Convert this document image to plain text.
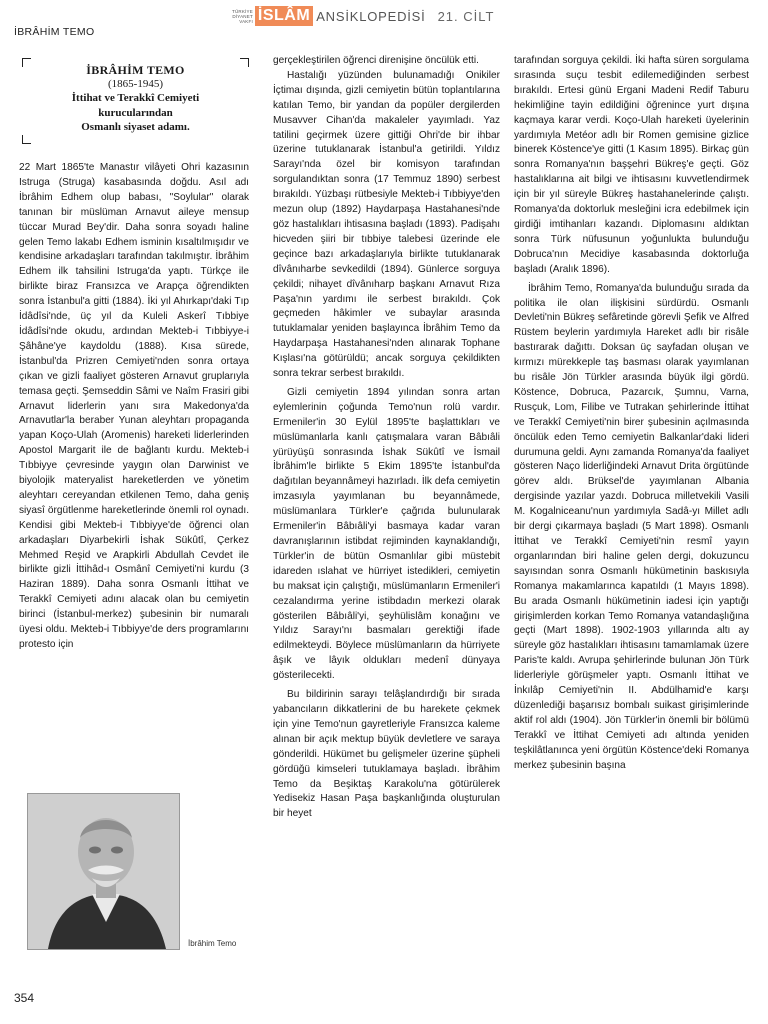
İBRÂHİM TEMO
TÜRKİYE
DİYANET
VAKFI İSLÂM ANSİKLOPEDİSİ 21. CİLT
İBRÂHİM TEMO
(1865-1945)
İttihat ve Terakkî Cemiyeti
kurucularından
Osmanlı siyaset adamı.

22 Mart 1865'te Manastır vilâyeti Ohri kazasının Istruga (Struga) kasabasında doğdu. Asıl adı İbrâhim Edhem olup babası, "Soylular" olarak tanınan bir müslüman Arnavut aileye mensup tüccar Murad Bey'dir. Daha sonra soyadı haline gelen Temo lakabı Edhem isminin kısaltılmışıdır ve kendisine arkadaşları tarafından takılmıştır. İbrâhim Edhem ilk tahsilini Istruga'da yaptı. Türkçe ile birlikte biraz Fransızca ve Arapça öğrendikten sonra İstanbul'a gitti (1884). İki yıl Ahırkapı'daki Tıp İdâdîsi'nde, üç yıl da Kuleli Askerî Tıbbiye İdâdîsi'nde okudu, ardından Mekteb-i Tıbbiyye-i Şâhâne'ye kaydoldu (1888). Kısa sürede, İstanbul'da Prizren Cemiyeti'nden sonra ortaya çıkan ve gizli faaliyet gösteren Arnavut gruplarıyla temasa geçti. Şemseddin Sâmi ve Naîm Frasiri gibi Arnavut liderlerin yanı sıra Makedonya'da Arnavutlar'la beraber Yunan aleyhtarı propaganda yapan Koço-Ulah (Aromenis) hareketi liderlerinden Apostol Margarit ile de bağlantı kurdu. Mekteb-i Tıbbiyye çevresinde yaygın olan Darwinist ve biyolojik materyalist hareketlerden ve yönetim aleyhtarı cereyandan etkilenen Temo, daha geniş siyasî örgütlenme hareketlerinde önemli rol oynadı. Kendisi gibi Mekteb-i Tıbbiyye'de öğrenci olan arkadaşları Diyarbekirli İshak Sükûtî, Çerkez Mehmed Reşid ve Arapkirli Abdullah Cevdet ile birlikte gizli İttihâd-ı Osmânî Cemiyeti'ni kurdu (3 Haziran 1889). Daha sonra Osmanlı İttihat ve Terakkî Cemiyeti adını alacak olan bu cemiyetin birinci (İstanbul-merkez) şubesinin bir numaralı üyesi oldu. Mekteb-i Tıbbiyye'de ders programlarını protesto için

gerçekleştirilen öğrenci direnişine öncülük etti.

Hastalığı yüzünden bulunamadığı Onikiler İçtimaı dışında, gizli cemiyetin bütün toplantılarına katılan Temo, bir yandan da popüler dergilerden Musavver Cihan'da makaleler yayımladı. Yaz tatilini geçirmek üzere gittiği Ohri'de bir ihbar üzerine tutuklanarak İstanbul'a getirildi. Yıldız Sarayı'nda özel bir komisyon tarafından sorgulandıktan sonra (17 Temmuz 1890) serbest bırakıldı. Yüzbaşı rütbesiyle Mekteb-i Tıbbiyye'den mezun olup (1892) Haydarpaşa Hastahanesi'nde göz hastalıkları ihtisasına başladı (1893). Padişahı hicveden şiiri bir tıbbiye talebesi üzerinde ele geçince bazı arkadaşlarıyla birlikte tutuklanarak dîvânıharbe sevkedildi (1894). Günlerce sorguya çekildi; nihayet dîvânıharp başkanı Arnavut Rıza Paşa'nın yardımı ile serbest bırakıldı. Çok geçmeden hâkimler ve subaylar arasında tutuklamalar yeniden başlayınca İbrâhim Temo da Haydarpaşa Hastahanesi'nden alınarak Tophane Kışlası'na götürüldü; ancak sorguya çekildikten sonra tekrar serbest bırakıldı.

Gizli cemiyetin 1894 yılından sonra artan eylemlerinin çoğunda Temo'nun rolü vardır. Ermeniler'in 30 Eylül 1895'te başlattıkları ve müslümanlarla kanlı çatışmalara varan Bâbıâli yürüyüşü sonrasında İshak Sükûtî ve İsmail İbrâhim'le birlikte 5 Ekim 1895'te İstanbul'da dağıtılan beyannâmeyi hazırladı. İlk defa cemiyetin imzasıyla yayımlanan bu beyannâmede, müslümanlara Türkler'e çağrıda bulunularak Ermeniler'in Bâbıâli'yi basmaya kadar varan davranışlarının istibdat rejiminden kaynaklandığı, Türkler'in de bütün Osmanlılar gibi müstebit idareden ıslahat ve hürriyet istedikleri, cemiyetin bu maksat için çalıştığı, müslümanların Ermeniler'i cezalandırma yerine istibdadın merkezi olarak gösterilen Bâbıâli'yi, şeyhülislâm konağını ve Yıldız Sarayı'nı basmaları gerektiği ifade edilmekteydi. Böylece müslümanların da hürriyete âşık ve lâyık oldukları medenî dünyaya gösterilecekti.

Bu bildirinin sarayı telâşlandırdığı bir sırada yabancıların dikkatlerini de bu harekete çekmek için yine Temo'nun gayretleriyle Fransızca kaleme alınan bir açık mektup büyük devletlere ve saraya gönderildi. Hükümet bu gelişmeler üzerine şüpheli gördüğü kimseleri tutuklamaya başladı. İbrâhim Temo da Beşiktaş Karakolu'na götürülerek Yedisekiz Hasan Paşa başkanlığında oluşturulan bir heyet

tarafından sorguya çekildi. İki hafta süren sorgulama sırasında suçu tesbit edilemediğinden serbest bırakıldı. Ertesi günü Ergani Madeni Redif Taburu hekimliğine tayin edildiğini öğrenince yurt dışına kaçmaya karar verdi. Koço-Ulah hareketi üyelerinin yardımıyla Metéor adlı bir Romen gemisine gizlice binerek Köstence'ye gitti (1 Kasım 1895). Birkaç gün sonra Romanya'nın başşehri Bükreş'e geçti. Göz hastalıklarına ait bilgi ve ihtisasını kuvvetlendirmek için bir yıl süreyle Bükreş hastahanelerinde çalıştı. Romanya'da doktorluk mesleğini icra edebilmek için girdiği imtihanları kazandı. Diplomasını aldıktan sonra Türk nüfusunun yoğunlukta bulunduğu Dobruca'nın Mecidiye kasabasında doktorluğa başladı (Aralık 1896).

İbrâhim Temo, Romanya'da bulunduğu sırada da politika ile olan ilişkisini sürdürdü. Osmanlı Devleti'nin Bükreş sefâretinde görevli Şefik ve Alfred Rüstem beylerin yardımıyla Hareket adlı bir risâle bastırarak dağıttı. Doksan üç sayfadan oluşan ve kırmızı mürekkeple taş basması olarak yayımlanan bu risâle Jön Türkler arasında büyük ilgi gördü. Köstence, Dobruca, Pazarcık, Şumnu, Varna, Rusçuk, Lom, Filibe ve Tutrakan şehirlerinde İttihat ve Terakkî Cemiyeti'nin birer şubesinin açılmasında öncülük eden Temo cemiyetin Balkanlar'daki lideri durumuna geldi. Aynı zamanda Romanya'da faaliyet gösteren Naço liderliğindeki Arnavut Drita örgütünde görev aldı. Brüksel'de yayımlanan Albania dergisinde yazılar yazdı. Dobruca milletvekili Vasili M. Kogalniceanu'nun yardımıyla Sadâ-yı Millet adlı bir dergi çıkarmaya başladı (5 Mart 1898). Osmanlı İttihat ve Terakkî Cemiyeti'nin resmî yayın organlarından biri haline gelen dergi, dokuzuncu sayısından sonra Osmanlı hükümetinin baskısıyla Romanya makamlarınca kapatıldı (1 Mayıs 1898). Bu arada Osmanlı hükümetinin iadesi için yaptığı girişimlerden korkan Temo Romanya vatandaşlığına geçti (Mart 1898). 1902-1903 yıllarında altı ay süreyle göz hastalıkları ihtisasını tamamlamak üzere Paris'te kaldı. Avrupa şehirlerinde bulunan Jön Türk liderleriyle görüşmeler yaptı. Osmanlı İttihat ve İnkılâp Cemiyeti'nin II. Abdülhamid'e karşı düzenlediği başarısız bombalı suikast girişimlerinde aktif rol aldı (1904). Jön Türkler'in önemli bir bölümü Terakkî ve İttihat Cemiyeti adı altında yeniden teşkilâtlanınca yeni örgütün Köstence'deki Romanya merkez şubesinin başına

İbrâhim Temo
354
